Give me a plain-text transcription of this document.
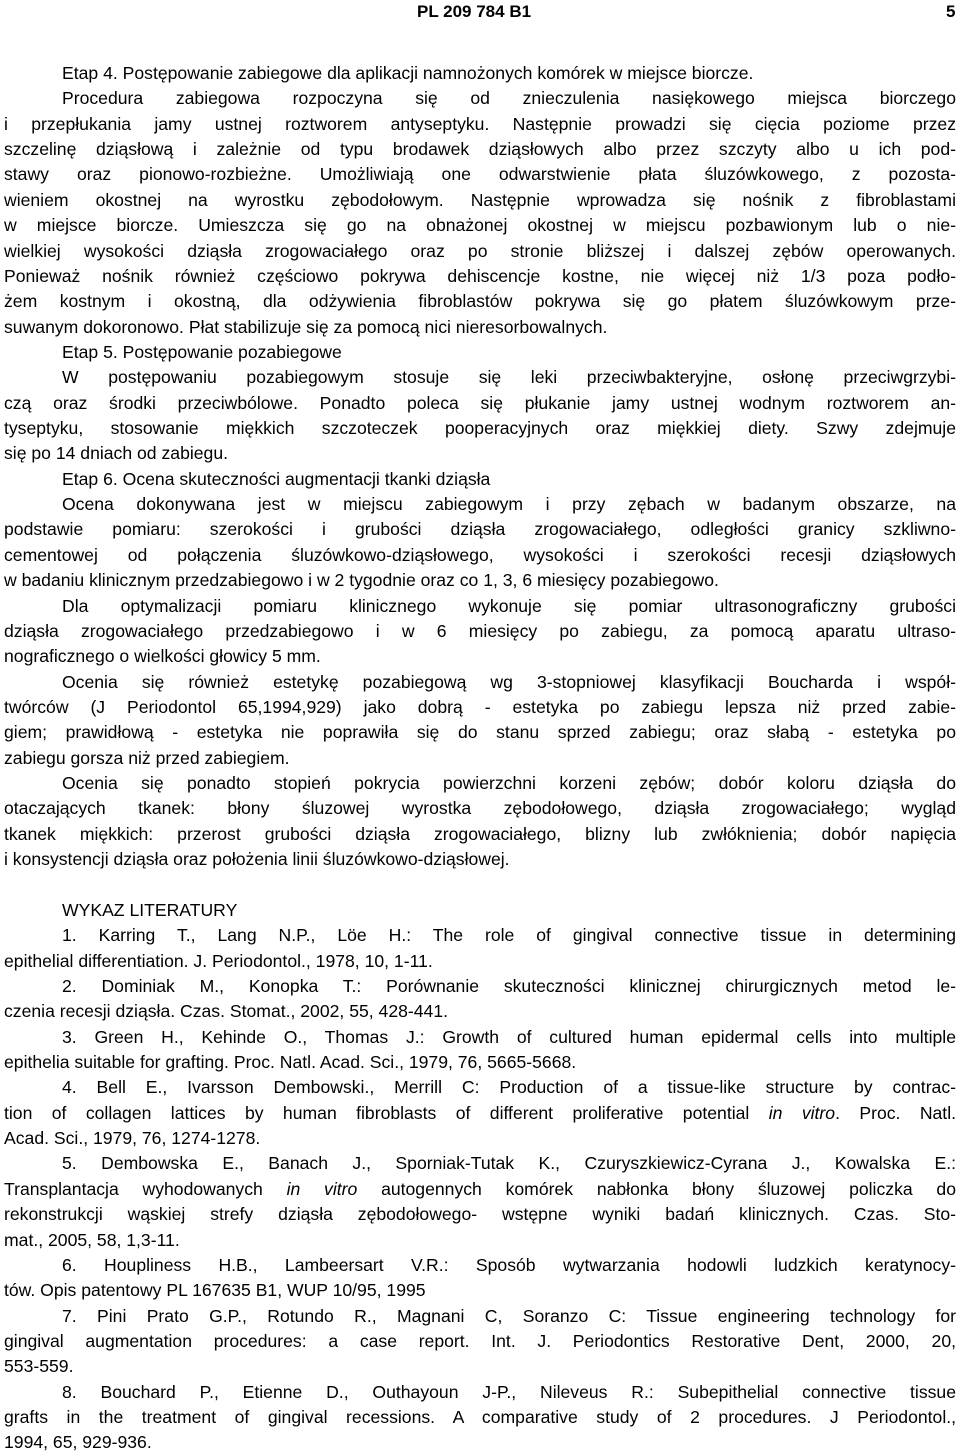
PL 209 784 B1	5
Etap 4. Postępowanie zabiegowe dla aplikacji namnożonych komórek w miejsce biorcze.
Procedura zabiegowa rozpoczyna się od znieczulenia nasiękowego miejsca biorczego
i przepłukania jamy ustnej roztworem antyseptyku. Następnie prowadzi się cięcia poziome przez
szczelinę dziąsłową i zależnie od typu brodawek dziąsłowych albo przez szczyty albo u ich pod-
stawy oraz pionowo-rozbieżne. Umożliwiają one odwarstwienie płata śluzówkowego, z pozosta-
wieniem okostnej na wyrostku zębodołowym. Następnie wprowadza się nośnik z fibroblastami
w miejsce biorcze. Umieszcza się go na obnażonej okostnej w miejscu pozbawionym lub o nie-
wielkiej wysokości dziąsła zrogowaciałego oraz po stronie bliższej i dalszej zębów operowanych.
Ponieważ nośnik również częściowo pokrywa dehiscencje kostne, nie więcej niż 1/3 poza podło-
żem kostnym i okostną, dla odżywienia fibroblastów pokrywa się go płatem śluzówkowym prze-
suwanym dokoronowo. Płat stabilizuje się za pomocą nici nieresorbowalnych.
Etap 5. Postępowanie pozabiegowe
W postępowaniu pozabiegowym stosuje się leki przeciwbakteryjne, osłonę przeciwgrzybi-
czą oraz środki przeciwbólowe. Ponadto poleca się płukanie jamy ustnej wodnym roztworem an-
tyseptyku, stosowanie miękkich szczoteczek pooperacyjnych oraz miękkiej diety. Szwy zdejmuje
się po 14 dniach od zabiegu.
Etap 6. Ocena skuteczności augmentacji tkanki dziąsła
Ocena dokonywana jest w miejscu zabiegowym i przy zębach w badanym obszarze, na
podstawie pomiaru: szerokości i grubości dziąsła zrogowaciałego, odległości granicy szkliwno-
cementowej od połączenia śluzówkowo-dziąsłowego, wysokości i szerokości recesji dziąsłowych
w badaniu klinicznym przedzabiegowo i w 2 tygodnie oraz co 1, 3, 6 miesięcy pozabiegowo.
Dla optymalizacji pomiaru klinicznego wykonuje się pomiar ultrasonograficzny grubości
dziąsła zrogowaciałego przedzabiegowo i w 6 miesięcy po zabiegu, za pomocą aparatu ultraso-
nograficznego o wielkości głowicy 5 mm.
Ocenia się również estetykę pozabiegową wg 3-stopniowej klasyfikacji Boucharda i współ-
twórców (J Periodontol 65,1994,929) jako dobrą - estetyka po zabiegu lepsza niż przed zabie-
giem; prawidłową - estetyka nie poprawiła się do stanu sprzed zabiegu; oraz słabą - estetyka po
zabiegu gorsza niż przed zabiegiem.
Ocenia się ponadto stopień pokrycia powierzchni korzeni zębów; dobór koloru dziąsła do
otaczających tkanek: błony śluzowej wyrostka zębodołowego, dziąsła zrogowaciałego; wygląd
tkanek miękkich: przerost grubości dziąsła zrogowaciałego, blizny lub zwłóknienia; dobór napięcia
i konsystencji dziąsła oraz położenia linii śluzówkowo-dziąsłowej.
WYKAZ LITERATURY
1. Karring T., Lang N.P., Löe H.: The role of gingival connective tissue in determining
epithelial differentiation. J. Periodontol., 1978, 10, 1-11.
2. Dominiak M., Konopka T.: Porównanie skuteczności klinicznej chirurgicznych metod le-
czenia recesji dziąsła. Czas. Stomat., 2002, 55, 428-441.
3. Green H., Kehinde O., Thomas J.: Growth of cultured human epidermal cells into multiple
epithelia suitable for grafting. Proc. Natl. Acad. Sci., 1979, 76, 5665-5668.
4. Bell E., Ivarsson Dembowski., Merrill C: Production of a tissue-like structure by contrac-
tion of collagen lattices by human fibroblasts of different proliferative potential in vitro. Proc. Natl.
Acad. Sci., 1979, 76, 1274-1278.
5. Dembowska E., Banach J., Sporniak-Tutak K., Czuryszkiewicz-Cyrana J., Kowalska E.:
Transplantacja wyhodowanych in vitro autogennych komórek nabłonka błony śluzowej policzka do
rekonstrukcji wąskiej strefy dziąsła zębodołowego- wstępne wyniki badań klinicznych. Czas. Sto-
mat., 2005, 58, 1,3-11.
6. Houpliness H.B., Lambeersart V.R.: Sposób wytwarzania hodowli ludzkich keratynocy-
tów. Opis patentowy PL 167635 B1, WUP 10/95, 1995
7. Pini Prato G.P., Rotundo R., Magnani C, Soranzo C: Tissue engineering technology for
gingival augmentation procedures: a case report. Int. J. Periodontics Restorative Dent, 2000, 20,
553-559.
8. Bouchard P., Etienne D., Outhayoun J-P., Nileveus R.: Subepithelial connective tissue
grafts in the treatment of gingival recessions. A comparative study of 2 procedures. J Periodontol.,
1994, 65, 929-936.
